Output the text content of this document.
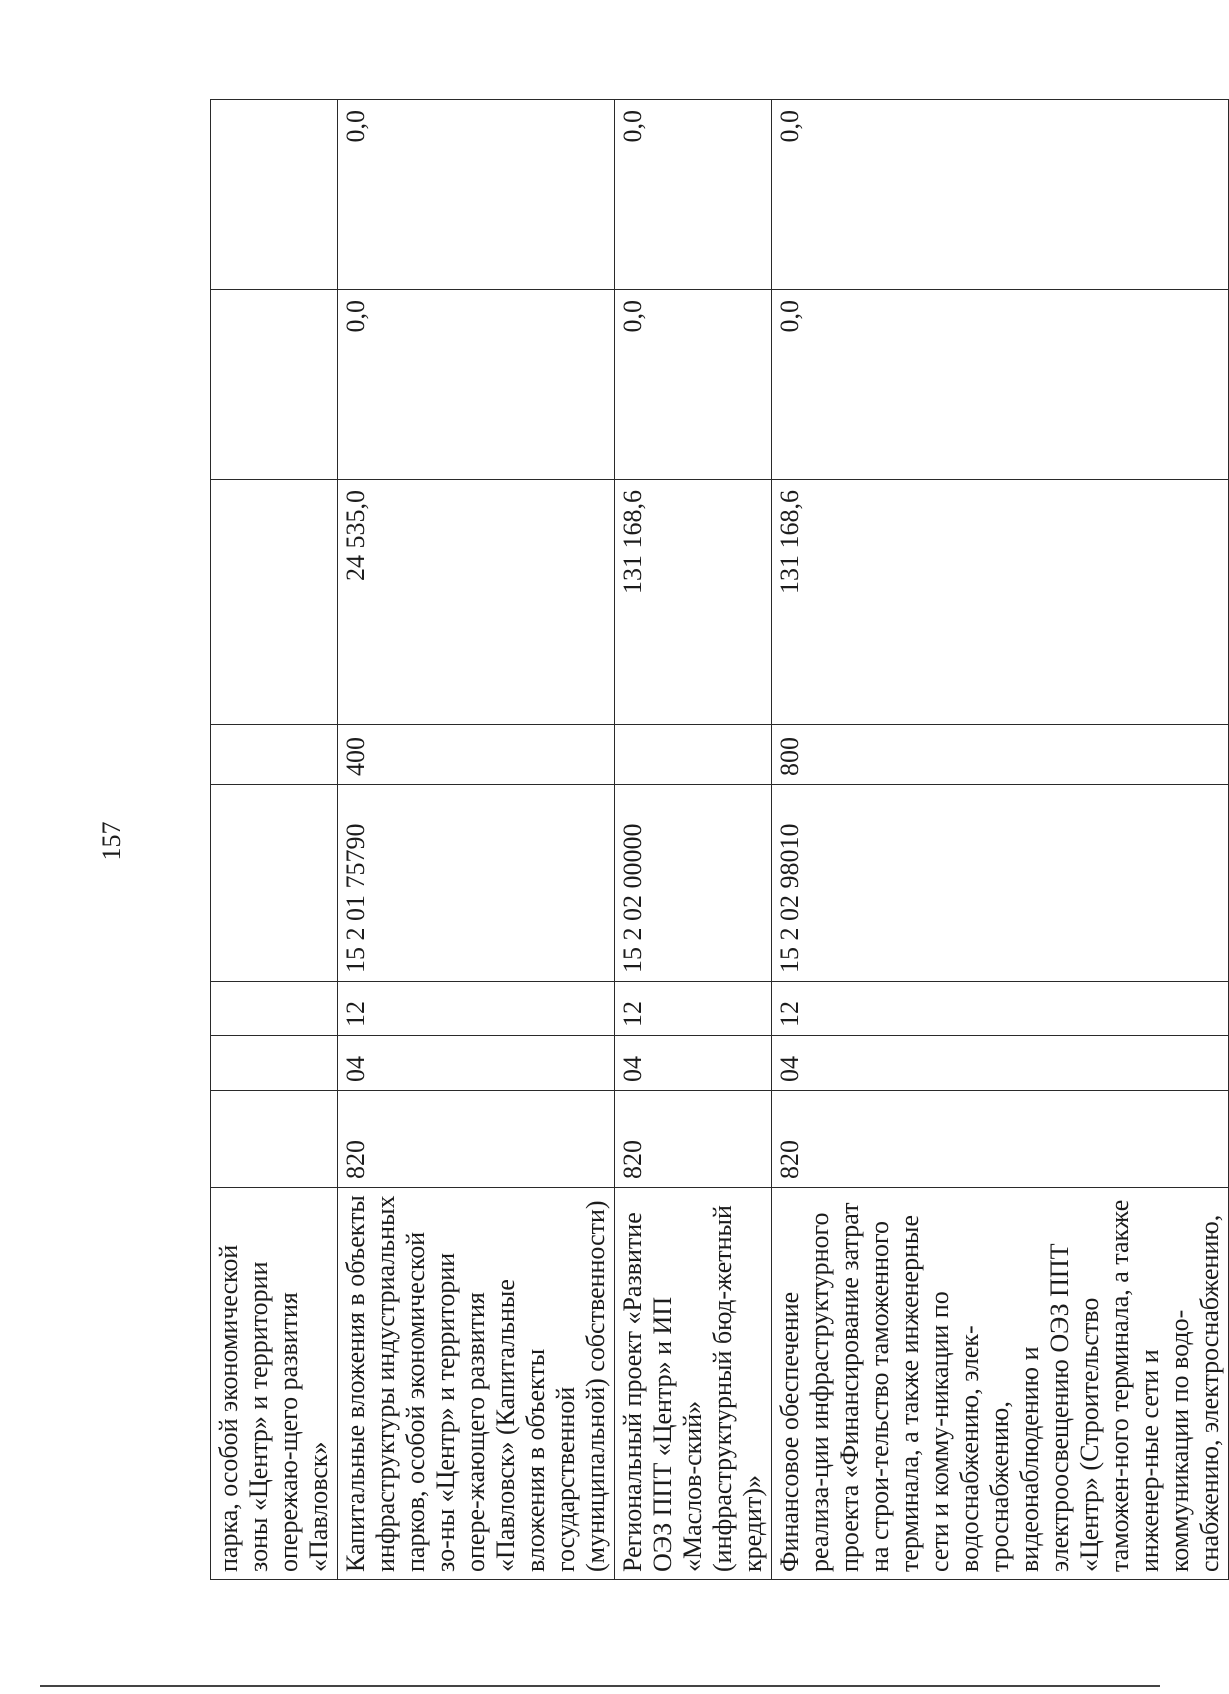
157
парка, особой экономической зоны «Центр» и территории опережаю-щего развития «Павловск»								
Капитальные вложения в объекты инфраструктуры индустриальных парков, особой экономической зо-ны «Центр» и территории опере-жающего развития «Павловск» (Капитальные вложения в объекты государственной (муниципальной) собственности)	820	04	12	15 2 01 75790	400	24 535,0	0,0	0,0
Региональный проект «Развитие ОЭЗ ППТ «Центр» и ИП «Маслов-ский» (инфраструктурный бюд-жетный кредит)»	820	04	12	15 2 02 00000		131 168,6	0,0	0,0
Финансовое обеспечение реализа-ции инфраструктурного проекта «Финансирование затрат на строи-тельство таможенного терминала, а также инженерные сети и комму-никации по водоснабжению, элек-троснабжению, видеонаблюдению и электроосвещению ОЭЗ ППТ «Центр» (Строительство таможен-ного терминала, а также инженер-ные сети и коммуникации по водо-снабжению, электроснабжению,	820	04	12	15 2 02 98010	800	131 168,6	0,0	0,0
